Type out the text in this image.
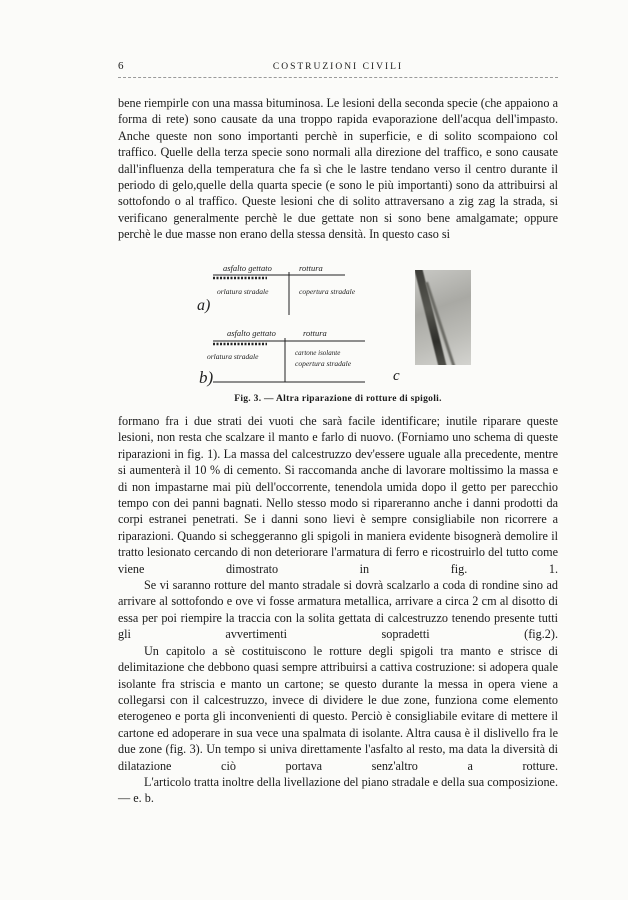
6	COSTRUZIONI CIVILI

bene riempirle con una massa bituminosa. Le lesioni della seconda specie (che appaiono a forma di rete) sono causate da una troppo rapida evaporazione dell'acqua dell'impasto. Anche queste non sono importanti perchè in superficie, e di solito scompaiono col traffico. Quelle della terza specie sono normali alla direzione del traffico, e sono causate dall'influenza della temperatura che fa sì che le lastre tendano verso il centro durante il periodo di gelo,quelle della quarta specie (e sono le più importanti) sono da attribuirsi al sottofondo o al traffico. Queste lesioni che di solito attraversano a zig zag la strada, si verificano generalmente perchè le due gettate non si sono bene amalgamate; oppure perchè le due masse non erano della stessa densità. In questo caso si

asfalto gettato	rottura
orlatura stradale	copertura stradale
a)
asfalto gettato	rottura
orlatura stradale	cartone isolante
copertura stradale
b)	c
Fig. 3. — Altra riparazione di rotture di spigoli.

formano fra i due strati dei vuoti che sarà facile identificare; inutile riparare queste lesioni, non resta che scalzare il manto e farlo di nuovo. (Forniamo uno schema di queste riparazioni in fig. 1). La massa del calcestruzzo dev'essere uguale alla precedente, mentre si aumenterà il 10 % di cemento. Si raccomanda anche di lavorare moltissimo la massa e di non impastarne mai più dell'occorrente, tenendola umida dopo il getto per parecchio tempo con dei panni bagnati. Nello stesso modo si ripareranno anche i danni prodotti da corpi estranei penetrati. Se i danni sono lievi è sempre consigliabile non ricorrere a riparazioni. Quando si scheggeranno gli spigoli in maniera evidente bisognerà demolire il tratto lesionato cercando di non deteriorare l'armatura di ferro e ricostruirlo del tutto come viene dimostrato in fig. 1.

Se vi saranno rotture del manto stradale si dovrà scalzarlo a coda di rondine sino ad arrivare al sottofondo e ove vi fosse armatura metallica, arrivare a circa 2 cm al disotto di essa per poi riempire la traccia con la solita gettata di calcestruzzo tenendo presente tutti gli avvertimenti sopradetti (fig.2).

Un capitolo a sè costituiscono le rotture degli spigoli tra manto e strisce di delimitazione che debbono quasi sempre attribuirsi a cattiva costruzione: si adopera quale isolante fra striscia e manto un cartone; se questo durante la messa in opera viene a collegarsi con il calcestruzzo, invece di dividere le due zone, funziona come elemento eterogeneo e porta gli inconvenienti di questo. Perciò è consigliabile evitare di mettere il cartone ed adoperare in sua vece una spalmata di isolante. Altra causa è il dislivello fra le due zone (fig. 3). Un tempo si univa direttamente l'asfalto al resto, ma data la diversità di dilatazione ciò portava senz'altro a rotture.

L'articolo tratta inoltre della livellazione del piano stradale e della sua composizione. — e. b.
